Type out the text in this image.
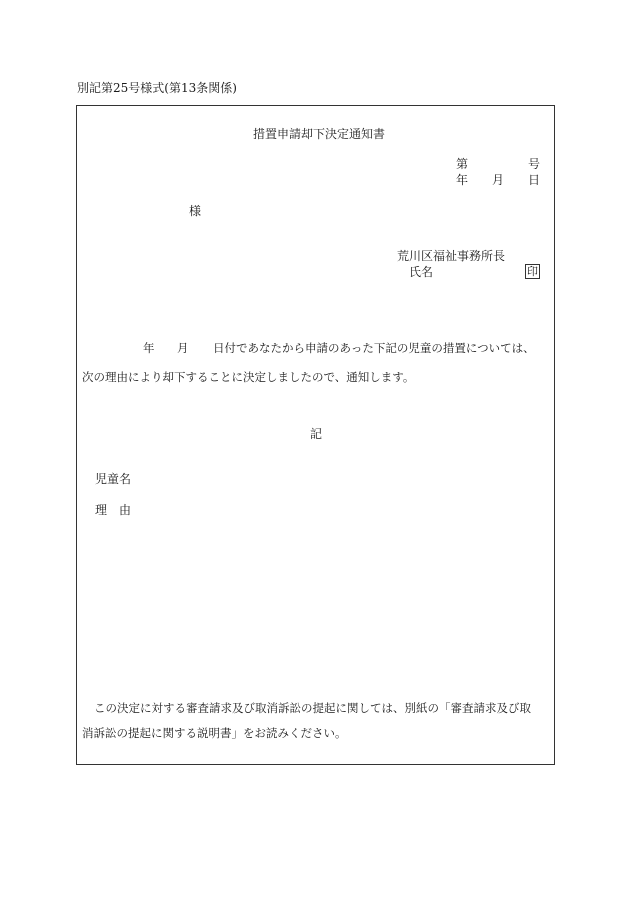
別記第25号様式(第13条関係)
措置申請却下決定通知書
第	号
年 月 日
様
荒川区福祉事務所長
氏名	印
年 月 日付であなたから申請のあった下記の児童の措置については、
次の理由により却下することに決定しましたので、通知します。
記
児童名
理　由
この決定に対する審査請求及び取消訴訟の提起に関しては、別紙の「審査請求及び取
消訴訟の提起に関する説明書」をお読みください。
